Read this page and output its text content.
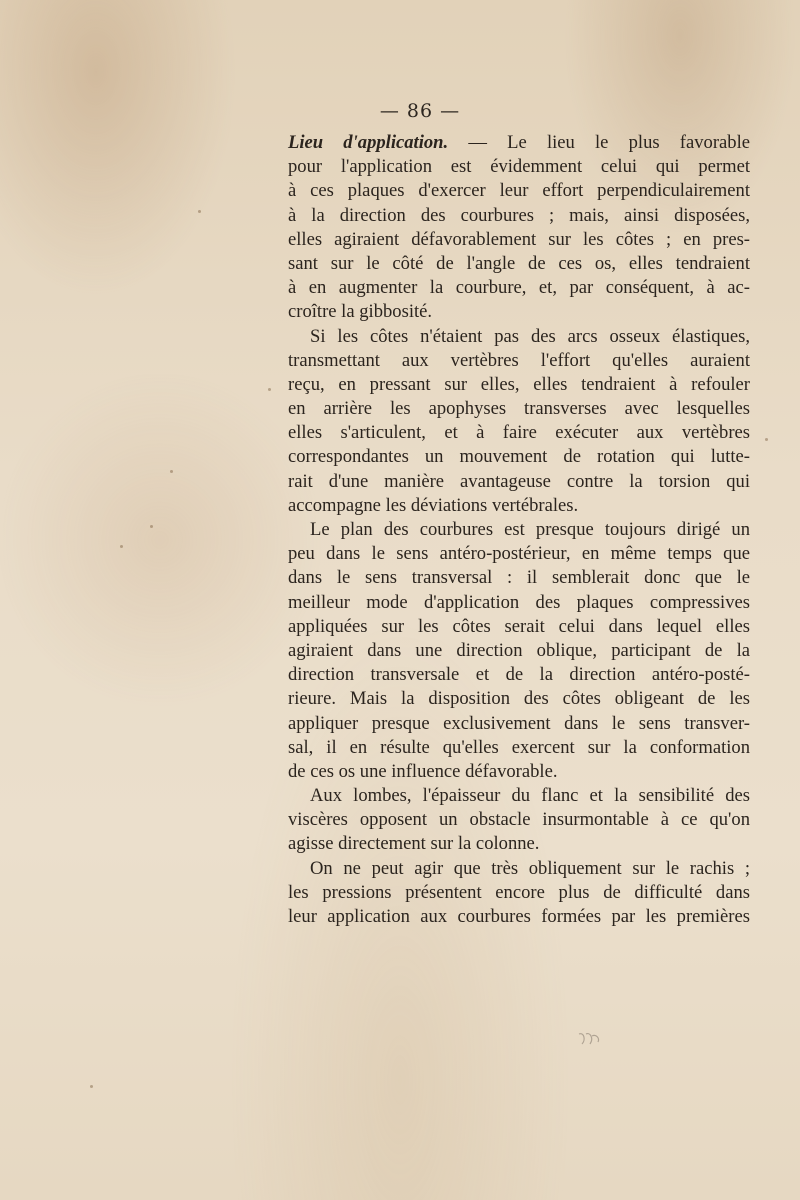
— 86 —
Lieu d'application. — Le lieu le plus favorable
pour l'application est évidemment celui qui permet
à ces plaques d'exercer leur effort perpendiculairement
à la direction des courbures ; mais, ainsi disposées,
elles agiraient défavorablement sur les côtes ; en pres-
sant sur le côté de l'angle de ces os, elles tendraient
à en augmenter la courbure, et, par conséquent, à ac-
croître la gibbosité.
Si les côtes n'étaient pas des arcs osseux élastiques,
transmettant aux vertèbres l'effort qu'elles auraient
reçu, en pressant sur elles, elles tendraient à refouler
en arrière les apophyses transverses avec lesquelles
elles s'articulent, et à faire exécuter aux vertèbres
correspondantes un mouvement de rotation qui lutte-
rait d'une manière avantageuse contre la torsion qui
accompagne les déviations vertébrales.
Le plan des courbures est presque toujours dirigé un
peu dans le sens antéro-postérieur, en même temps que
dans le sens transversal : il semblerait donc que le
meilleur mode d'application des plaques compressives
appliquées sur les côtes serait celui dans lequel elles
agiraient dans une direction oblique, participant de la
direction transversale et de la direction antéro-posté-
rieure. Mais la disposition des côtes obligeant de les
appliquer presque exclusivement dans le sens transver-
sal, il en résulte qu'elles exercent sur la conformation
de ces os une influence défavorable.
Aux lombes, l'épaisseur du flanc et la sensibilité des
viscères opposent un obstacle insurmontable à ce qu'on
agisse directement sur la colonne.
On ne peut agir que très obliquement sur le rachis ;
les pressions présentent encore plus de difficulté dans
leur application aux courbures formées par les premières
